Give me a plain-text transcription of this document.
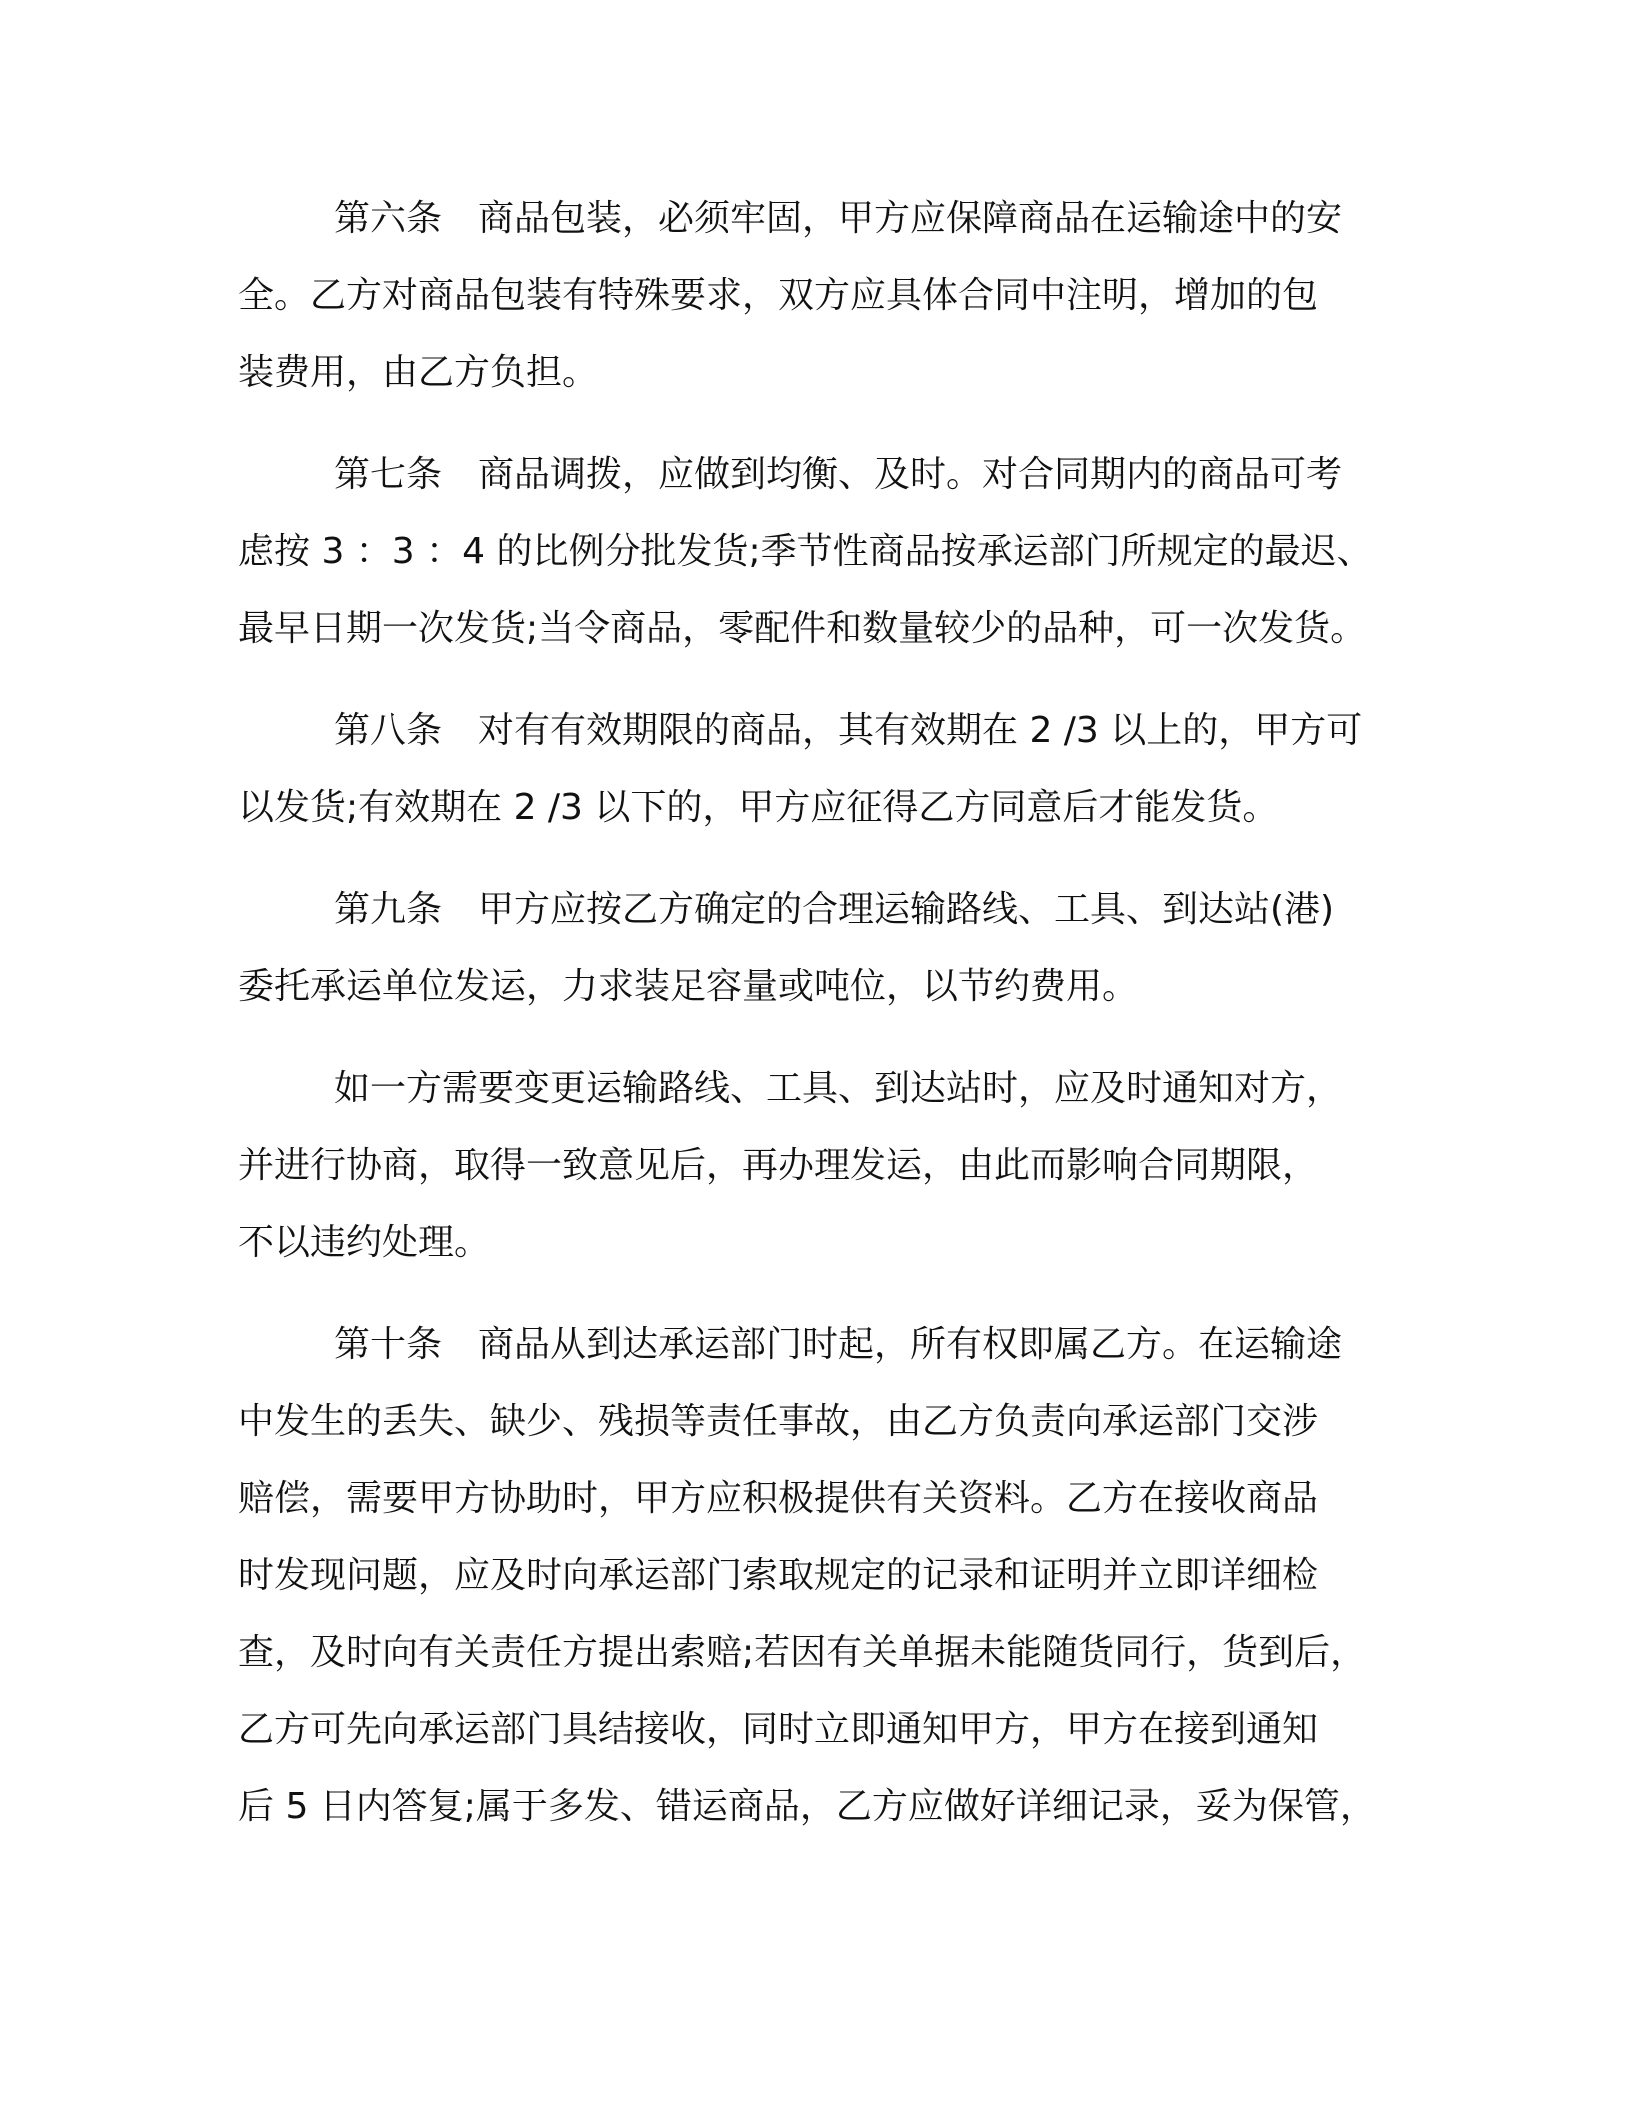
第六条 商品包装，必须牢固，甲方应保障商品在运输途中的安
全。乙方对商品包装有特殊要求，双方应具体合同中注明，增加的包
装费用，由乙方负担。
第七条 商品调拨，应做到均衡、及时。对合同期内的商品可考
虑按 3 ：3 ：4 的比例分批发货;季节性商品按承运部门所规定的最迟、
最早日期一次发货;当令商品，零配件和数量较少的品种，可一次发货。
第八条 对有有效期限的商品，其有效期在 2 /3 以上的，甲方可
以发货;有效期在 2 /3 以下的，甲方应征得乙方同意后才能发货。
第九条 甲方应按乙方确定的合理运输路线、工具、到达站(港)
委托承运单位发运，力求装足容量或吨位，以节约费用。
如一方需要变更运输路线、工具、到达站时，应及时通知对方，
并进行协商，取得一致意见后，再办理发运，由此而影响合同期限，
不以违约处理。
第十条 商品从到达承运部门时起，所有权即属乙方。在运输途
中发生的丢失、缺少、残损等责任事故，由乙方负责向承运部门交涉
赔偿，需要甲方协助时，甲方应积极提供有关资料。乙方在接收商品
时发现问题，应及时向承运部门索取规定的记录和证明并立即详细检
查，及时向有关责任方提出索赔;若因有关单据未能随货同行，货到后，
乙方可先向承运部门具结接收，同时立即通知甲方，甲方在接到通知
后 5 日内答复;属于多发、错运商品，乙方应做好详细记录，妥为保管，
